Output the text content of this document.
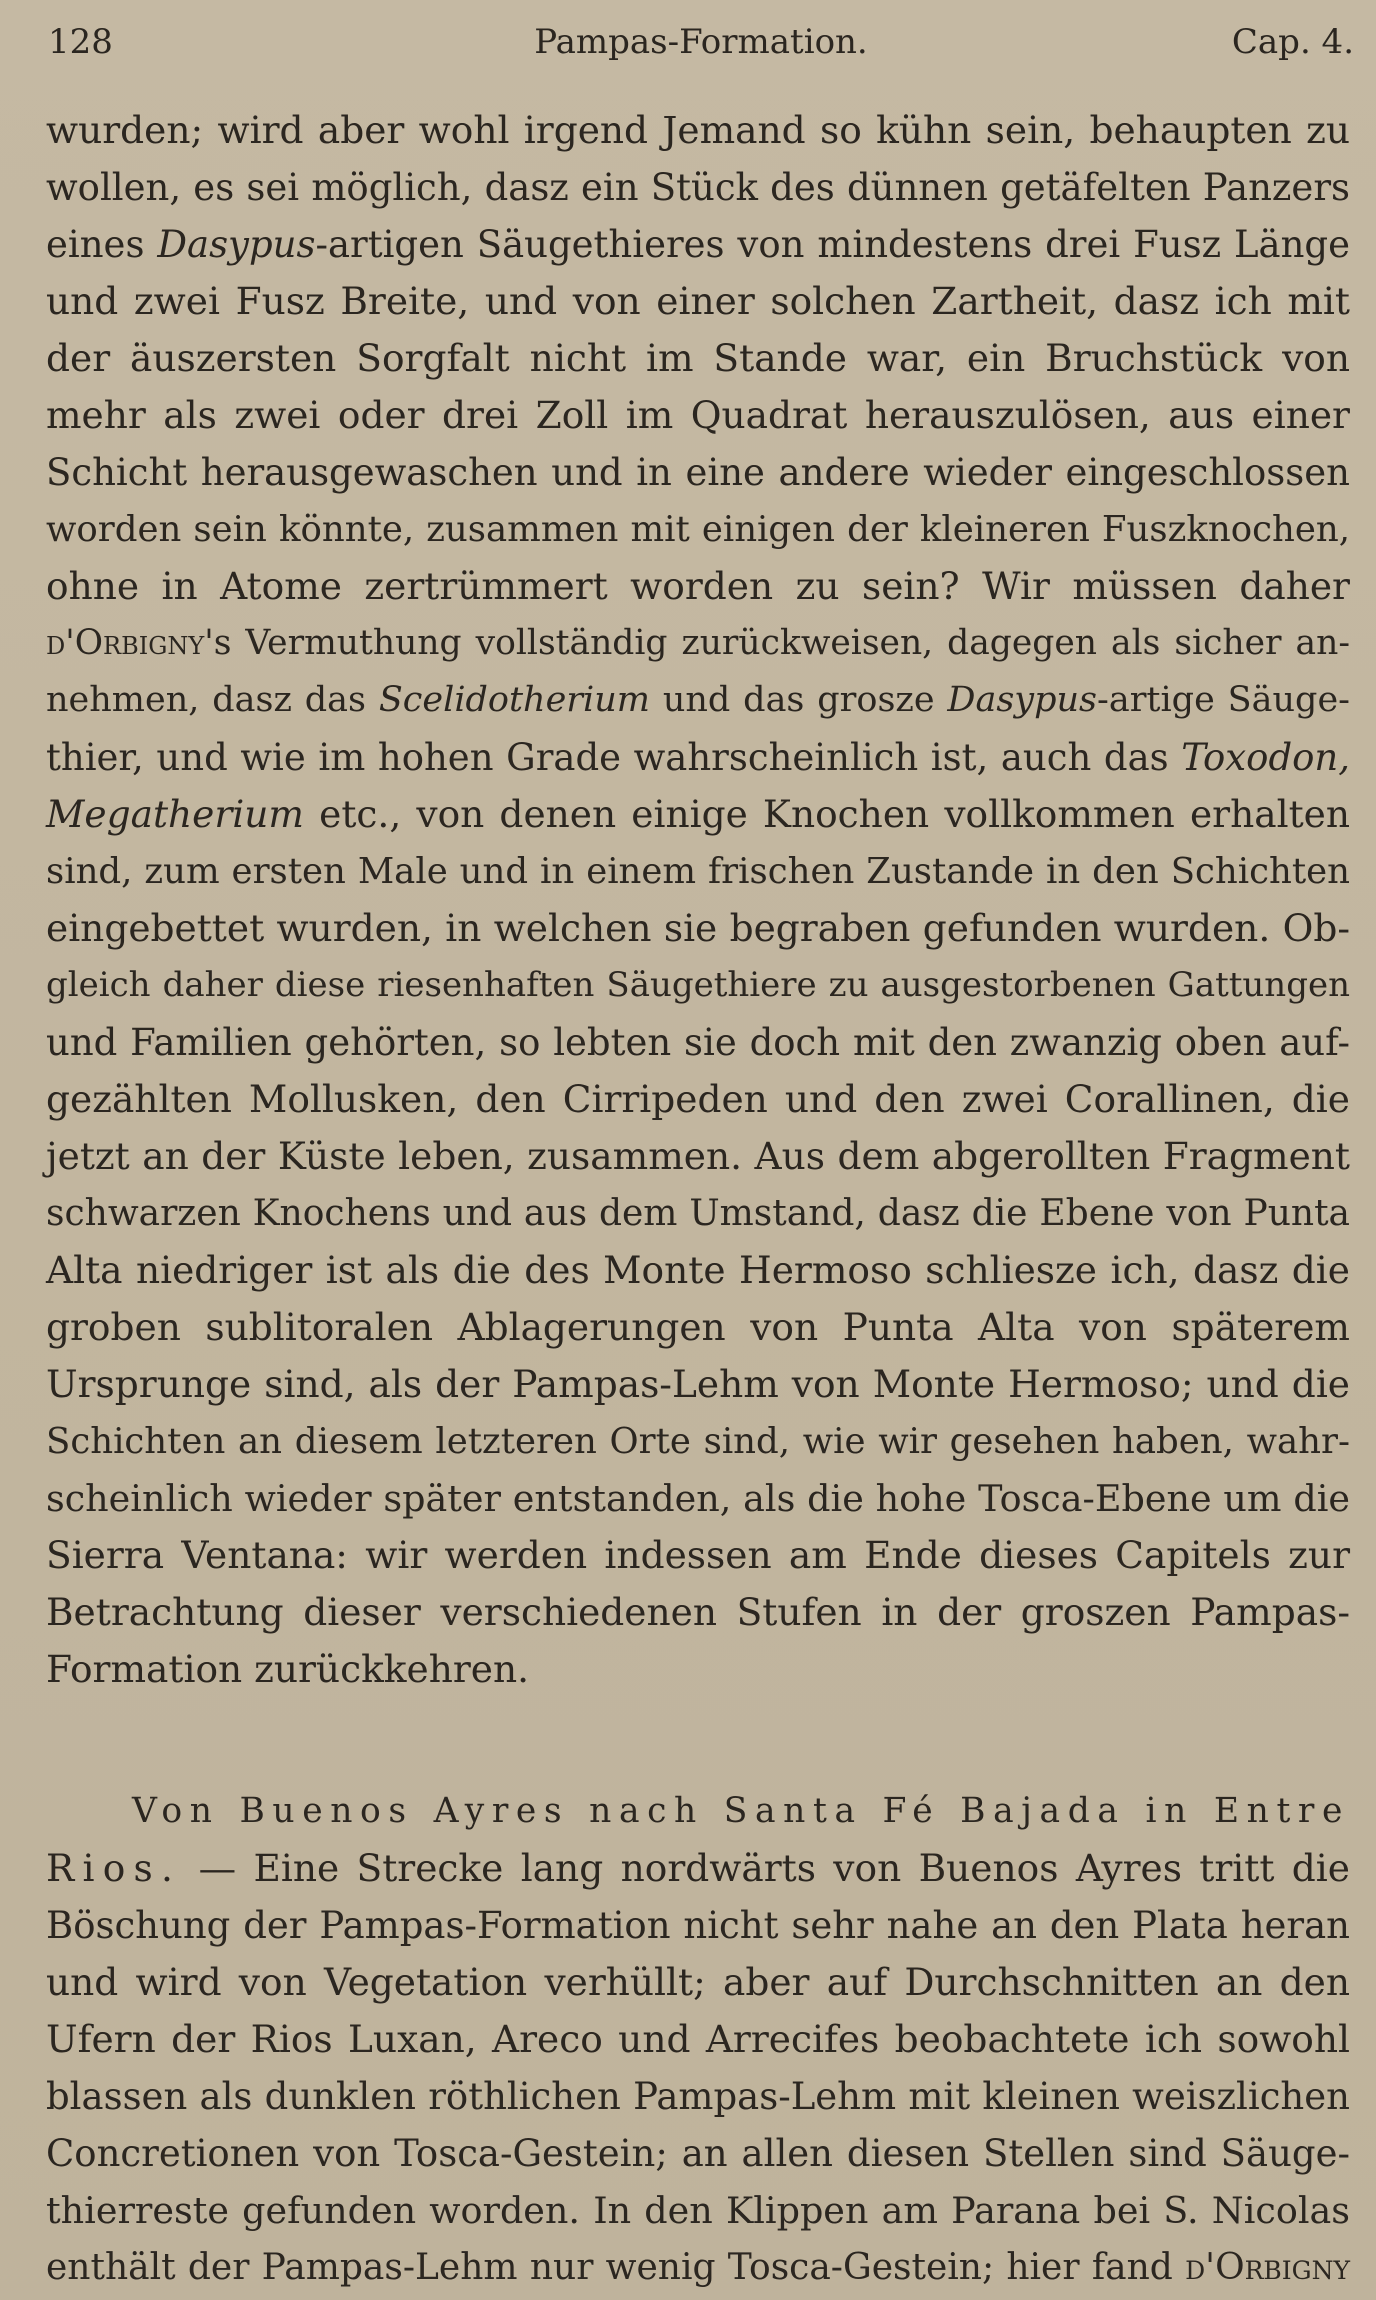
128	Pampas-Formation.	Cap. 4.
wurden; wird aber wohl irgend Jemand so kühn sein, behaupten zu
wollen, es sei möglich, dasz ein Stück des dünnen getäfelten Panzers
eines Dasypus-artigen Säugethieres von mindestens drei Fusz Länge
und zwei Fusz Breite, und von einer solchen Zartheit, dasz ich mit
der äuszersten Sorgfalt nicht im Stande war, ein Bruchstück von
mehr als zwei oder drei Zoll im Quadrat herauszulösen, aus einer
Schicht herausgewaschen und in eine andere wieder eingeschlossen
worden sein könnte, zusammen mit einigen der kleineren Fuszknochen,
ohne in Atome zertrümmert worden zu sein? Wir müssen daher
d'Orbigny's Vermuthung vollständig zurückweisen, dagegen als sicher an-
nehmen, dasz das Scelidotherium und das grosze Dasypus-artige Säuge-
thier, und wie im hohen Grade wahrscheinlich ist, auch das Toxodon,
Megatherium etc., von denen einige Knochen vollkommen erhalten
sind, zum ersten Male und in einem frischen Zustande in den Schichten
eingebettet wurden, in welchen sie begraben gefunden wurden. Ob-
gleich daher diese riesenhaften Säugethiere zu ausgestorbenen Gattungen
und Familien gehörten, so lebten sie doch mit den zwanzig oben auf-
gezählten Mollusken, den Cirripeden und den zwei Corallinen, die
jetzt an der Küste leben, zusammen. Aus dem abgerollten Fragment
schwarzen Knochens und aus dem Umstand, dasz die Ebene von Punta
Alta niedriger ist als die des Monte Hermoso schliesze ich, dasz die
groben sublitoralen Ablagerungen von Punta Alta von späterem
Ursprunge sind, als der Pampas-Lehm von Monte Hermoso; und die
Schichten an diesem letzteren Orte sind, wie wir gesehen haben, wahr-
scheinlich wieder später entstanden, als die hohe Tosca-Ebene um die
Sierra Ventana: wir werden indessen am Ende dieses Capitels zur
Betrachtung dieser verschiedenen Stufen in der groszen Pampas-
Formation zurückkehren.
Von Buenos Ayres nach Santa Fé Bajada in Entre
Rios. — Eine Strecke lang nordwärts von Buenos Ayres tritt die
Böschung der Pampas-Formation nicht sehr nahe an den Plata heran
und wird von Vegetation verhüllt; aber auf Durchschnitten an den
Ufern der Rios Luxan, Areco und Arrecifes beobachtete ich sowohl
blassen als dunklen röthlichen Pampas-Lehm mit kleinen weiszlichen
Concretionen von Tosca-Gestein; an allen diesen Stellen sind Säuge-
thierreste gefunden worden. In den Klippen am Parana bei S. Nicolas
enthält der Pampas-Lehm nur wenig Tosca-Gestein; hier fand d'Orbigny
